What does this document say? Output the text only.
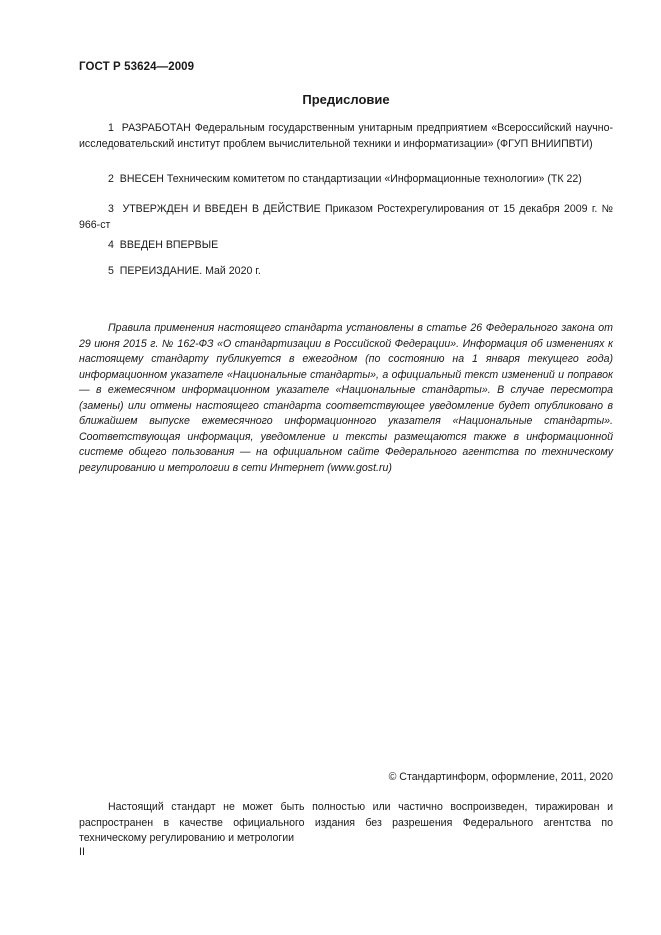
ГОСТ Р 53624—2009
Предисловие

1 РАЗРАБОТАН Федеральным государственным унитарным предприятием «Всероссийский научно-исследовательский институт проблем вычислительной техники и информатизации» (ФГУП ВНИИПВТИ)

2 ВНЕСЕН Техническим комитетом по стандартизации «Информационные технологии» (ТК 22)

3 УТВЕРЖДЕН И ВВЕДЕН В ДЕЙСТВИЕ Приказом Ростехрегулирования от 15 декабря 2009 г. № 966-ст

4 ВВЕДЕН ВПЕРВЫЕ

5 ПЕРЕИЗДАНИЕ. Май 2020 г.

Правила применения настоящего стандарта установлены в статье 26 Федерального закона от 29 июня 2015 г. № 162-ФЗ «О стандартизации в Российской Федерации». Информация об изменениях к настоящему стандарту публикуется в ежегодном (по состоянию на 1 января текущего года) информационном указателе «Национальные стандарты», а официальный текст изменений и поправок — в ежемесячном информационном указателе «Национальные стандарты». В случае пересмотра (замены) или отмены настоящего стандарта соответствующее уведомление будет опубликовано в ближайшем выпуске ежемесячного информационного указателя «Национальные стандарты». Соответствующая информация, уведомление и тексты размещаются также в информационной системе общего пользования — на официальном сайте Федерального агентства по техническому регулированию и метрологии в сети Интернет (www.gost.ru)

© Стандартинформ, оформление, 2011, 2020

Настоящий стандарт не может быть полностью или частично воспроизведен, тиражирован и распространен в качестве официального издания без разрешения Федерального агентства по техническому регулированию и метрологии

II
